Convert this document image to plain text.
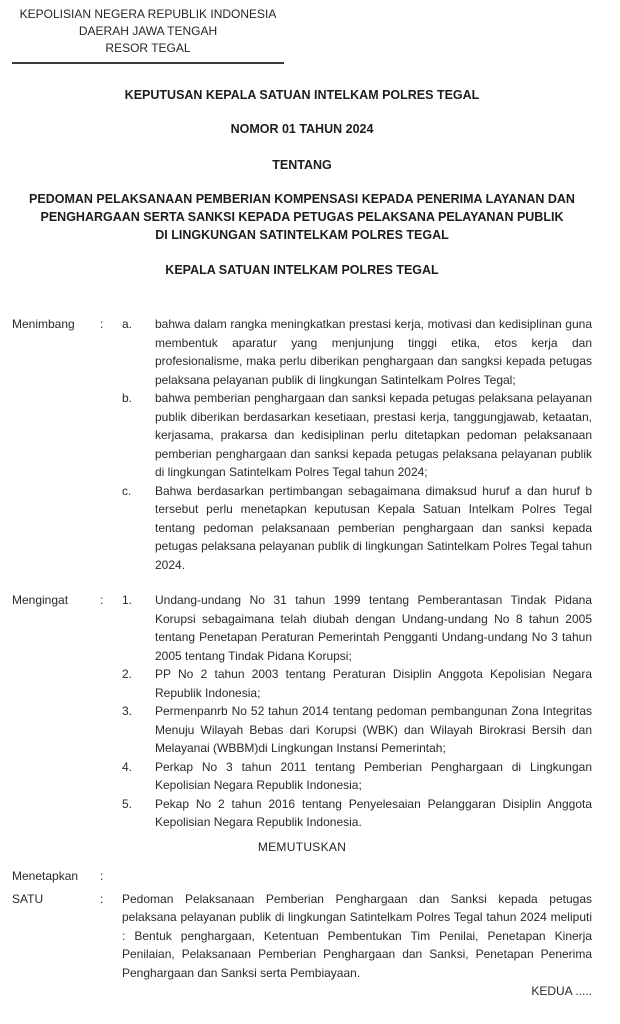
KEPOLISIAN NEGERA REPUBLIK INDONESIA
DAERAH JAWA TENGAH
RESOR TEGAL
KEPUTUSAN KEPALA SATUAN INTELKAM POLRES TEGAL
NOMOR 01 TAHUN 2024
TENTANG
PEDOMAN PELAKSANAAN PEMBERIAN KOMPENSASI KEPADA PENERIMA LAYANAN DAN
PENGHARGAAN SERTA SANKSI KEPADA PETUGAS PELAKSANA PELAYANAN PUBLIK
DI LINGKUNGAN SATINTELKAM POLRES TEGAL
KEPALA SATUAN INTELKAM POLRES TEGAL
Menimbang	:	a.	bahwa dalam rangka meningkatkan prestasi kerja, motivasi dan kedisiplinan guna membentuk aparatur yang menjunjung tinggi etika, etos kerja dan profesionalisme, maka perlu diberikan penghargaan dan sangksi kepada petugas pelaksana pelayanan publik di lingkungan Satintelkam Polres Tegal;
b.	bahwa pemberian penghargaan dan sanksi kepada petugas pelaksana pelayanan publik diberikan berdasarkan kesetiaan, prestasi kerja, tanggungjawab, ketaatan, kerjasama, prakarsa dan kedisiplinan perlu ditetapkan pedoman pelaksanaan pemberian penghargaan dan sanksi kepada petugas pelaksana pelayanan publik di lingkungan Satintelkam Polres Tegal tahun 2024;
c.	Bahwa berdasarkan pertimbangan sebagaimana dimaksud huruf a dan huruf b tersebut perlu menetapkan keputusan Kepala Satuan Intelkam Polres Tegal tentang pedoman pelaksanaan pemberian penghargaan dan sanksi kepada petugas pelaksana pelayanan publik di lingkungan Satintelkam Polres Tegal tahun 2024.
Mengingat	:	1.	Undang-undang No 31 tahun 1999 tentang Pemberantasan Tindak Pidana Korupsi sebagaimana telah diubah dengan Undang-undang No 8 tahun 2005 tentang Penetapan Peraturan Pemerintah Pengganti Undang-undang No 3 tahun 2005 tentang Tindak Pidana Korupsi;
2.	PP No 2 tahun 2003 tentang Peraturan Disiplin Anggota Kepolisian Negara Republik Indonesia;
3.	Permenpanrb No 52 tahun 2014 tentang pedoman pembangunan Zona Integritas Menuju Wilayah Bebas dari Korupsi (WBK) dan Wilayah Birokrasi Bersih dan Melayanai (WBBM)di Lingkungan Instansi Pemerintah;
4.	Perkap No 3 tahun 2011 tentang Pemberian Penghargaan di Lingkungan Kepolisian Negara Republik Indonesia;
5.	Pekap No 2 tahun 2016 tentang Penyelesaian Pelanggaran Disiplin Anggota Kepolisian Negara Republik Indonesia.
MEMUTUSKAN
Menetapkan	:
SATU	:	Pedoman Pelaksanaan Pemberian Penghargaan dan Sanksi kepada petugas pelaksana pelayanan publik di lingkungan Satintelkam Polres Tegal tahun 2024 meliputi : Bentuk penghargaan, Ketentuan Pembentukan Tim Penilai, Penetapan Kinerja Penilaian, Pelaksanaan Pemberian Penghargaan dan Sanksi, Penetapan Penerima Penghargaan dan Sanksi serta Pembiayaan.
KEDUA .....
